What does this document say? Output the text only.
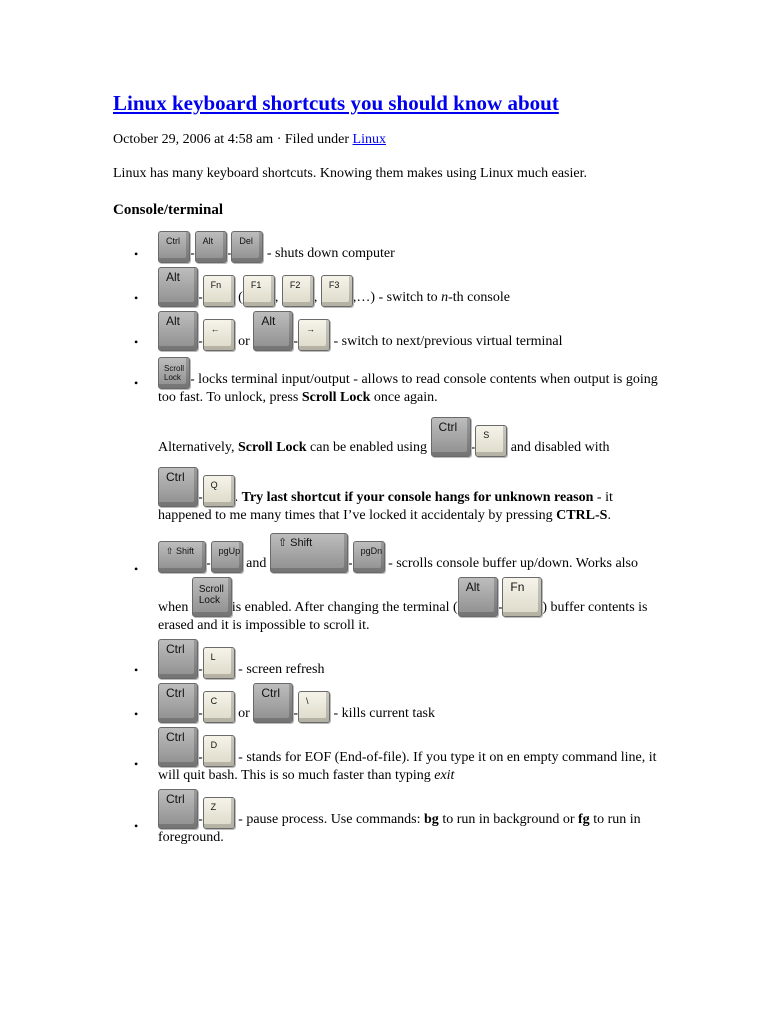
Linux keyboard shortcuts you should know about
October 29, 2006 at 4:58 am · Filed under Linux
Linux has many keyboard shortcuts. Knowing them makes using Linux much easier.
Console/terminal
•
Ctrl
-
Alt
-
Del
- shuts down computer
•
Alt
-
Fn
(
F1
,
F2
,
F3
,…) - switch to n-th console
•
Alt
-
←
or
Alt
-
→
- switch to next/previous virtual terminal
•

Scroll
Lock - locks terminal input/output - allows to read console contents when output is going too fast. To unlock, press Scroll Lock once again.

Alternatively, Scroll Lock can be enabled using
Ctrl
-
S
and disabled with

Ctrl
-
Q
. Try last shortcut if your console hangs for unknown reason - it happened to me many times that I’ve locked it accidentaly by pressing CTRL-S.

•

⇧ Shift
-
pgUp
and
⇧ Shift
-
pgDn
- scrolls console buffer up/down. Works also

when
Scroll
Lock is enabled. After changing the terminal (
Alt
-
Fn
) buffer contents is erased and it is impossible to scroll it.

•
Ctrl
-
L
- screen refresh
•
Ctrl
-
C
or
Ctrl
-
\
- kills current task
•
Ctrl
-
D
- stands for EOF (End-of-file). If you type it on en empty command line, it will quit bash. This is so much faster than typing exit
•
Ctrl
-
Z
- pause process. Use commands: bg to run in background or fg to run in foreground.
